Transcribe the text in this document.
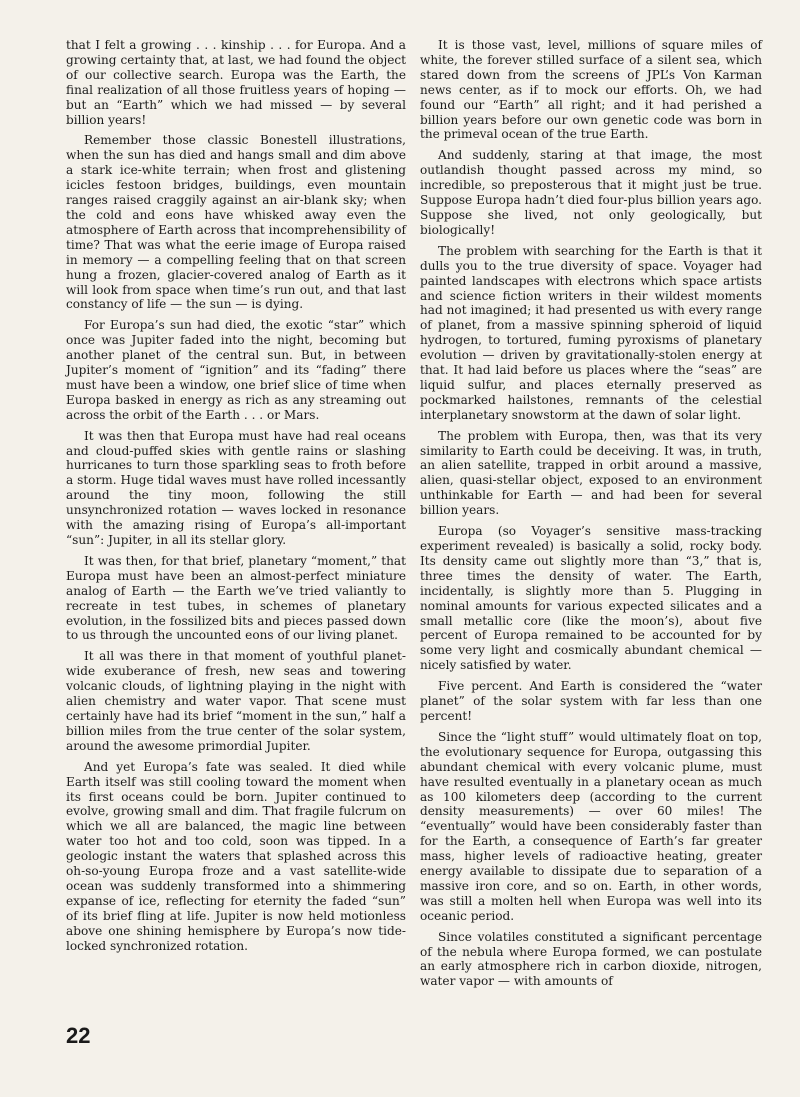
that I felt a growing . . . kinship . . . for Europa. And a growing certainty that, at last, we had found the object of our collective search. Europa was the Earth, the final realization of all those fruitless years of hoping — but an “Earth” which we had missed — by several billion years!

Remember those classic Bonestell illustrations, when the sun has died and hangs small and dim above a stark ice-white terrain; when frost and glistening icicles festoon bridges, buildings, even mountain ranges raised craggily against an air-blank sky; when the cold and eons have whisked away even the atmosphere of Earth across that incomprehensibility of time? That was what the eerie image of Europa raised in memory — a compelling feeling that on that screen hung a frozen, glacier-covered analog of Earth as it will look from space when time’s run out, and that last constancy of life — the sun — is dying.

For Europa’s sun had died, the exotic “star” which once was Jupiter faded into the night, becoming but another planet of the central sun. But, in between Jupiter’s moment of “ignition” and its “fading” there must have been a window, one brief slice of time when Europa basked in energy as rich as any streaming out across the orbit of the Earth . . . or Mars.

It was then that Europa must have had real oceans and cloud-puffed skies with gentle rains or slashing hurricanes to turn those sparkling seas to froth before a storm. Huge tidal waves must have rolled incessantly around the tiny moon, following the still unsynchronized rotation — waves locked in resonance with the amazing rising of Europa’s all-important “sun”: Jupiter, in all its stellar glory.

It was then, for that brief, planetary “moment,” that Europa must have been an almost-perfect miniature analog of Earth — the Earth we’ve tried valiantly to recreate in test tubes, in schemes of planetary evolution, in the fossilized bits and pieces passed down to us through the uncounted eons of our living planet.

It all was there in that moment of youthful planet-wide exuberance of fresh, new seas and towering volcanic clouds, of lightning playing in the night with alien chemistry and water vapor. That scene must certainly have had its brief “moment in the sun,” half a billion miles from the true center of the solar system, around the awesome primordial Jupiter.

And yet Europa’s fate was sealed. It died while Earth itself was still cooling toward the moment when its first oceans could be born. Jupiter continued to evolve, growing small and dim. That fragile fulcrum on which we all are balanced, the magic line between water too hot and too cold, soon was tipped. In a geologic instant the waters that splashed across this oh-so-young Europa froze and a vast satellite-wide ocean was suddenly transformed into a shimmering expanse of ice, reflecting for eternity the faded “sun” of its brief fling at life. Jupiter is now held motionless above one shining hemisphere by Europa’s now tide-locked synchronized rotation.

It is those vast, level, millions of square miles of white, the forever stilled surface of a silent sea, which stared down from the screens of JPL’s Von Karman news center, as if to mock our efforts. Oh, we had found our “Earth” all right; and it had perished a billion years before our own genetic code was born in the primeval ocean of the true Earth.

And suddenly, staring at that image, the most outlandish thought passed across my mind, so incredible, so preposterous that it might just be true. Suppose Europa hadn’t died four-plus billion years ago. Suppose she lived, not only geologically, but biologically!

The problem with searching for the Earth is that it dulls you to the true diversity of space. Voyager had painted landscapes with electrons which space artists and science fiction writers in their wildest moments had not imagined; it had presented us with every range of planet, from a massive spinning spheroid of liquid hydrogen, to tortured, fuming pyroxisms of planetary evolution — driven by gravitationally-stolen energy at that. It had laid before us places where the “seas” are liquid sulfur, and places eternally preserved as pockmarked hailstones, remnants of the celestial interplanetary snowstorm at the dawn of solar light.

The problem with Europa, then, was that its very similarity to Earth could be deceiving. It was, in truth, an alien satellite, trapped in orbit around a massive, alien, quasi-stellar object, exposed to an environment unthinkable for Earth — and had been for several billion years.

Europa (so Voyager’s sensitive mass-tracking experiment revealed) is basically a solid, rocky body. Its density came out slightly more than “3,” that is, three times the density of water. The Earth, incidentally, is slightly more than 5. Plugging in nominal amounts for various expected silicates and a small metallic core (like the moon’s), about five percent of Europa remained to be accounted for by some very light and cosmically abundant chemical — nicely satisfied by water.

Five percent. And Earth is considered the “water planet” of the solar system with far less than one percent!

Since the “light stuff” would ultimately float on top, the evolutionary sequence for Europa, outgassing this abundant chemical with every volcanic plume, must have resulted eventually in a planetary ocean as much as 100 kilometers deep (according to the current density measurements) — over 60 miles! The “eventually” would have been considerably faster than for the Earth, a consequence of Earth’s far greater mass, higher levels of radioactive heating, greater energy available to dissipate due to separation of a massive iron core, and so on. Earth, in other words, was still a molten hell when Europa was well into its oceanic period.

Since volatiles constituted a significant percentage of the nebula where Europa formed, we can postulate an early atmosphere rich in carbon dioxide, nitrogen, water vapor — with amounts of

22
